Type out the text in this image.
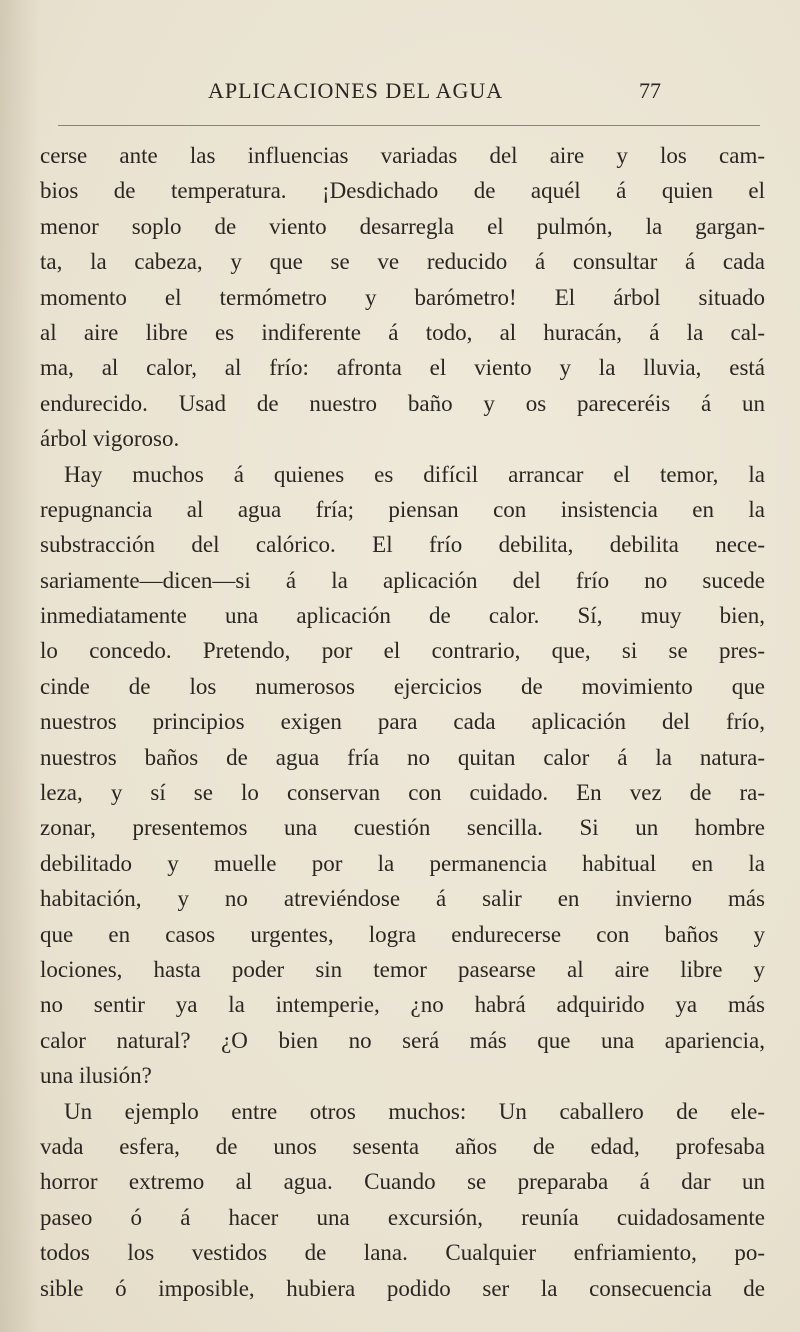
APLICACIONES DEL AGUA	77
cerse ante las influencias variadas del aire y los cam-
bios de temperatura. ¡Desdichado de aquél á quien el
menor soplo de viento desarregla el pulmón, la gargan-
ta, la cabeza, y que se ve reducido á consultar á cada
momento el termómetro y barómetro! El árbol situado
al aire libre es indiferente á todo, al huracán, á la cal-
ma, al calor, al frío: afronta el viento y la lluvia, está
endurecido. Usad de nuestro baño y os pareceréis á un
árbol vigoroso.
Hay muchos á quienes es difícil arrancar el temor, la
repugnancia al agua fría; piensan con insistencia en la
substracción del calórico. El frío debilita, debilita nece-
sariamente—dicen—si á la aplicación del frío no sucede
inmediatamente una aplicación de calor. Sí, muy bien,
lo concedo. Pretendo, por el contrario, que, si se pres-
cinde de los numerosos ejercicios de movimiento que
nuestros principios exigen para cada aplicación del frío,
nuestros baños de agua fría no quitan calor á la natura-
leza, y sí se lo conservan con cuidado. En vez de ra-
zonar, presentemos una cuestión sencilla. Si un hombre
debilitado y muelle por la permanencia habitual en la
habitación, y no atreviéndose á salir en invierno más
que en casos urgentes, logra endurecerse con baños y
lociones, hasta poder sin temor pasearse al aire libre y
no sentir ya la intemperie, ¿no habrá adquirido ya más
calor natural? ¿O bien no será más que una apariencia,
una ilusión?
Un ejemplo entre otros muchos: Un caballero de ele-
vada esfera, de unos sesenta años de edad, profesaba
horror extremo al agua. Cuando se preparaba á dar un
paseo ó á hacer una excursión, reunía cuidadosamente
todos los vestidos de lana. Cualquier enfriamiento, po-
sible ó imposible, hubiera podido ser la consecuencia de
